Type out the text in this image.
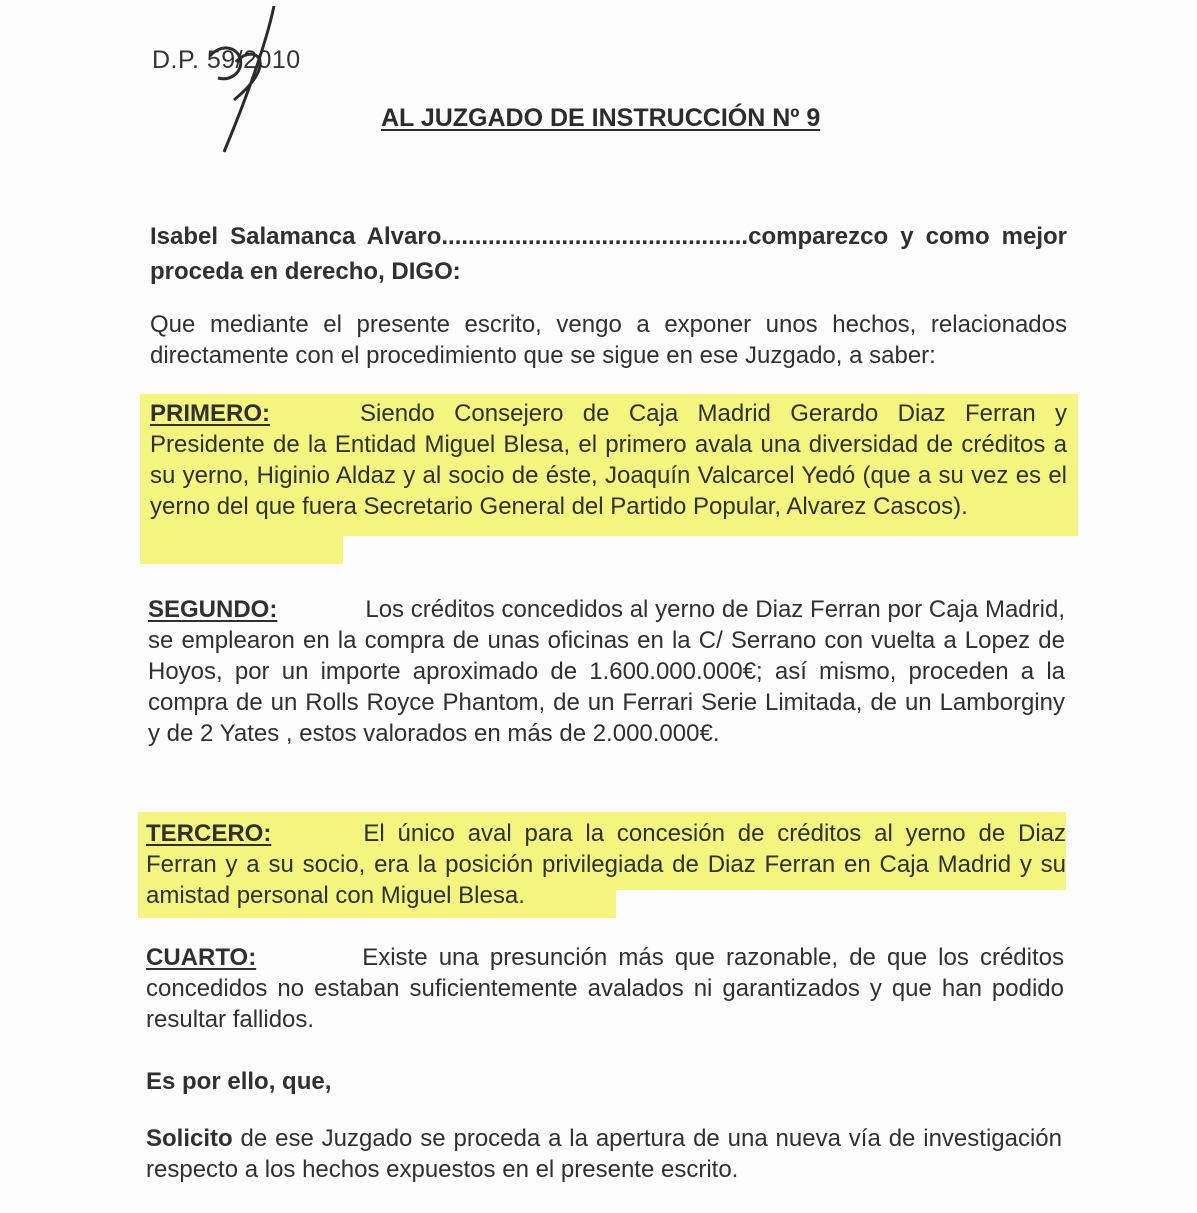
D.P. 59/2010
AL JUZGADO DE INSTRUCCIÓN Nº 9
Isabel Salamanca Alvaro..............................................comparezco y como mejor proceda en derecho, DIGO:
Que mediante el presente escrito, vengo a exponer unos hechos, relacionados directamente con el procedimiento que se sigue en ese Juzgado, a saber:
PRIMERO:	Siendo Consejero de Caja Madrid Gerardo Diaz Ferran y Presidente de la Entidad Miguel Blesa, el primero avala una diversidad de créditos a su yerno, Higinio Aldaz y al socio de éste, Joaquín Valcarcel Yedó (que a su vez es el yerno del que fuera Secretario General del Partido Popular, Alvarez Cascos).
SEGUNDO:	Los créditos concedidos al yerno de Diaz Ferran por Caja Madrid, se emplearon en la compra de unas oficinas en la C/ Serrano con vuelta a Lopez de Hoyos, por un importe aproximado de 1.600.000.000€; así mismo, proceden a la compra de un Rolls Royce Phantom, de un Ferrari Serie Limitada, de un Lamborginy y de 2 Yates , estos valorados en más de 2.000.000€.
TERCERO:	El único aval para la concesión de créditos al yerno de Diaz Ferran y a su socio, era la posición privilegiada de Diaz Ferran en Caja Madrid y su amistad personal con Miguel Blesa.
CUARTO:	Existe una presunción más que razonable, de que los créditos concedidos no estaban suficientemente avalados ni garantizados y que han podido resultar fallidos.
Es por ello, que,
Solicito de ese Juzgado se proceda a la apertura de una nueva vía de investigación respecto a los hechos expuestos en el presente escrito.
